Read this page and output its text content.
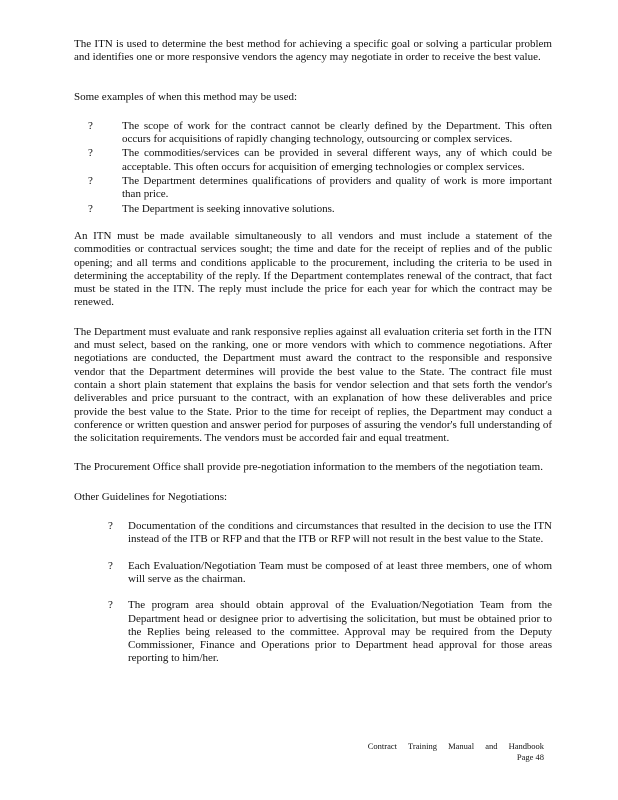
The ITN is used to determine the best method for achieving a specific goal or solving a particular problem and identifies one or more responsive vendors the agency may negotiate in order to receive the best value.

Some examples of when this method may be used:

?	The scope of work for the contract cannot be clearly defined by the Department. This often occurs for acquisitions of rapidly changing technology, outsourcing or complex services.
?	The commodities/services can be provided in several different ways, any of which could be acceptable. This often occurs for acquisition of emerging technologies or complex services.
?	The Department determines qualifications of providers and quality of work is more important than price.
?	The Department is seeking innovative solutions.

An ITN must be made available simultaneously to all vendors and must include a statement of the commodities or contractual services sought; the time and date for the receipt of replies and of the public opening; and all terms and conditions applicable to the procurement, including the criteria to be used in determining the acceptability of the reply. If the Department contemplates renewal of the contract, that fact must be stated in the ITN. The reply must include the price for each year for which the contract may be renewed.

The Department must evaluate and rank responsive replies against all evaluation criteria set forth in the ITN and must select, based on the ranking, one or more vendors with which to commence negotiations. After negotiations are conducted, the Department must award the contract to the responsible and responsive vendor that the Department determines will provide the best value to the State. The contract file must contain a short plain statement that explains the basis for vendor selection and that sets forth the vendor's deliverables and price pursuant to the contract, with an explanation of how these deliverables and price provide the best value to the State. Prior to the time for receipt of replies, the Department may conduct a conference or written question and answer period for purposes of assuring the vendor's full understanding of the solicitation requirements. The vendors must be accorded fair and equal treatment.

The Procurement Office shall provide pre-negotiation information to the members of the negotiation team.

Other Guidelines for Negotiations:

? Documentation of the conditions and circumstances that resulted in the decision to use the ITN instead of the ITB or RFP and that the ITB or RFP will not result in the best value to the State.
? Each Evaluation/Negotiation Team must be composed of at least three members, one of whom will serve as the chairman.
? The program area should obtain approval of the Evaluation/Negotiation Team from the Department head or designee prior to advertising the solicitation, but must be obtained prior to the Replies being released to the committee. Approval may be required from the Deputy Commissioner, Finance and Operations prior to Department head approval for those areas reporting to him/her.
Contract Training Manual and Handbook
Page 48
